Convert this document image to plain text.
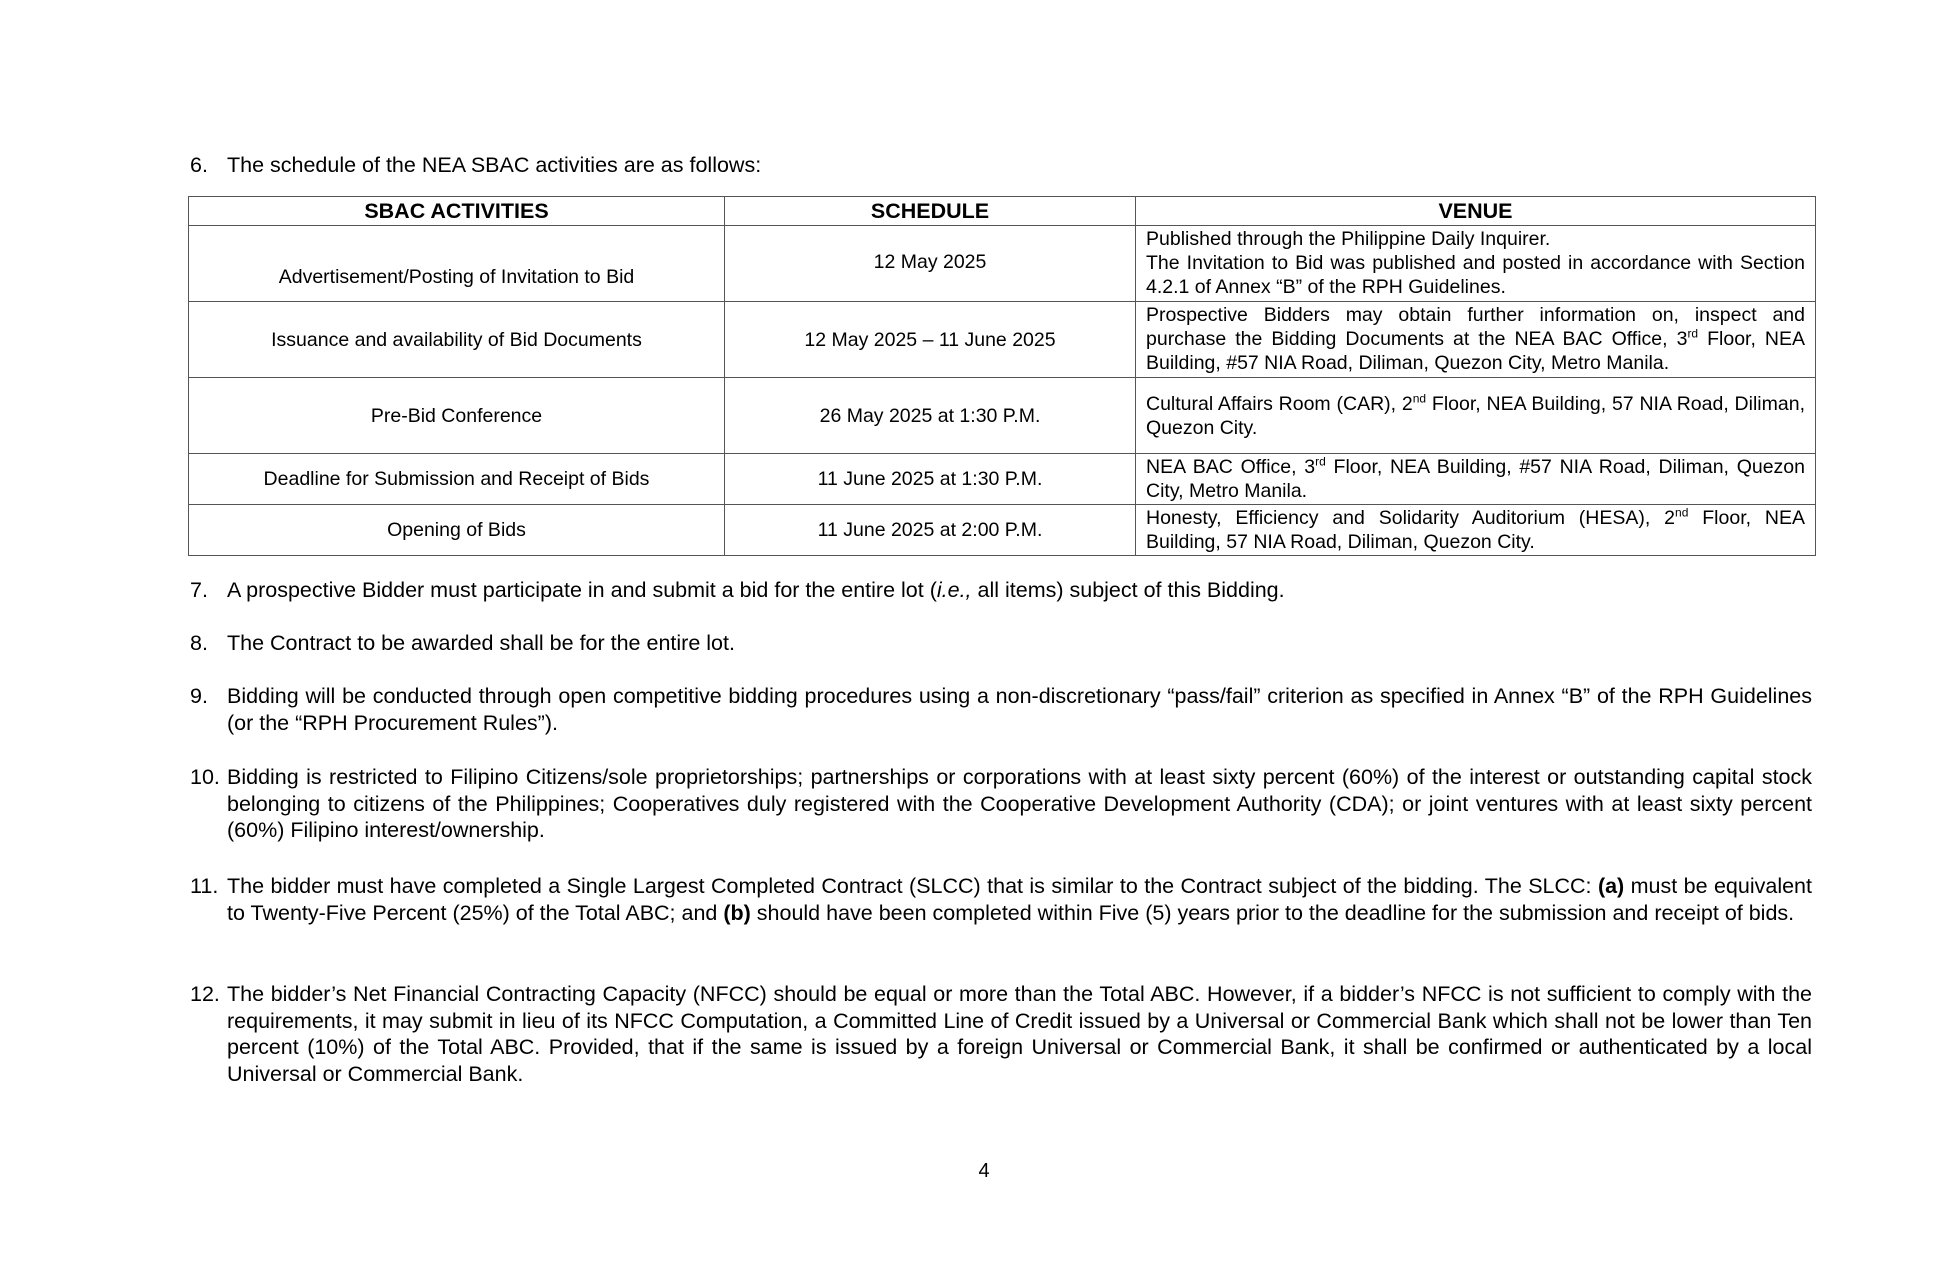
6. The schedule of the NEA SBAC activities are as follows:
SBAC ACTIVITIES	SCHEDULE	VENUE
Advertisement/Posting of Invitation to Bid	12 May 2025	Published through the Philippine Daily Inquirer.
The Invitation to Bid was published and posted in accordance with Section 4.2.1 of Annex “B” of the RPH Guidelines.

Issuance and availability of Bid Documents	12 May 2025 – 11 June 2025	Prospective Bidders may obtain further information on, inspect and purchase the Bidding Documents at the NEA BAC Office, 3rd Floor, NEA Building, #57 NIA Road, Diliman, Quezon City, Metro Manila.
Pre-Bid Conference	26 May 2025 at 1:30 P.M.	Cultural Affairs Room (CAR), 2nd Floor, NEA Building, 57 NIA Road, Diliman, Quezon City.
Deadline for Submission and Receipt of Bids	11 June 2025 at 1:30 P.M.	NEA BAC Office, 3rd Floor, NEA Building, #57 NIA Road, Diliman, Quezon City, Metro Manila.
Opening of Bids	11 June 2025 at 2:00 P.M.	Honesty, Efficiency and Solidarity Auditorium (HESA), 2nd Floor, NEA Building, 57 NIA Road, Diliman, Quezon City.
7. A prospective Bidder must participate in and submit a bid for the entire lot (i.e., all items) subject of this Bidding.
8. The Contract to be awarded shall be for the entire lot.
9. Bidding will be conducted through open competitive bidding procedures using a non-discretionary “pass/fail” criterion as specified in Annex “B” of the RPH Guidelines (or the “RPH Procurement Rules”).
10. Bidding is restricted to Filipino Citizens/sole proprietorships; partnerships or corporations with at least sixty percent (60%) of the interest or outstanding capital stock belonging to citizens of the Philippines; Cooperatives duly registered with the Cooperative Development Authority (CDA); or joint ventures with at least sixty percent (60%) Filipino interest/ownership.
11. The bidder must have completed a Single Largest Completed Contract (SLCC) that is similar to the Contract subject of the bidding. The SLCC: (a) must be equivalent to Twenty-Five Percent (25%) of the Total ABC; and (b) should have been completed within Five (5) years prior to the deadline for the submission and receipt of bids.
12. The bidder’s Net Financial Contracting Capacity (NFCC) should be equal or more than the Total ABC. However, if a bidder’s NFCC is not sufficient to comply with the requirements, it may submit in lieu of its NFCC Computation, a Committed Line of Credit issued by a Universal or Commercial Bank which shall not be lower than Ten percent (10%) of the Total ABC. Provided, that if the same is issued by a foreign Universal or Commercial Bank, it shall be confirmed or authenticated by a local Universal or Commercial Bank.
4
